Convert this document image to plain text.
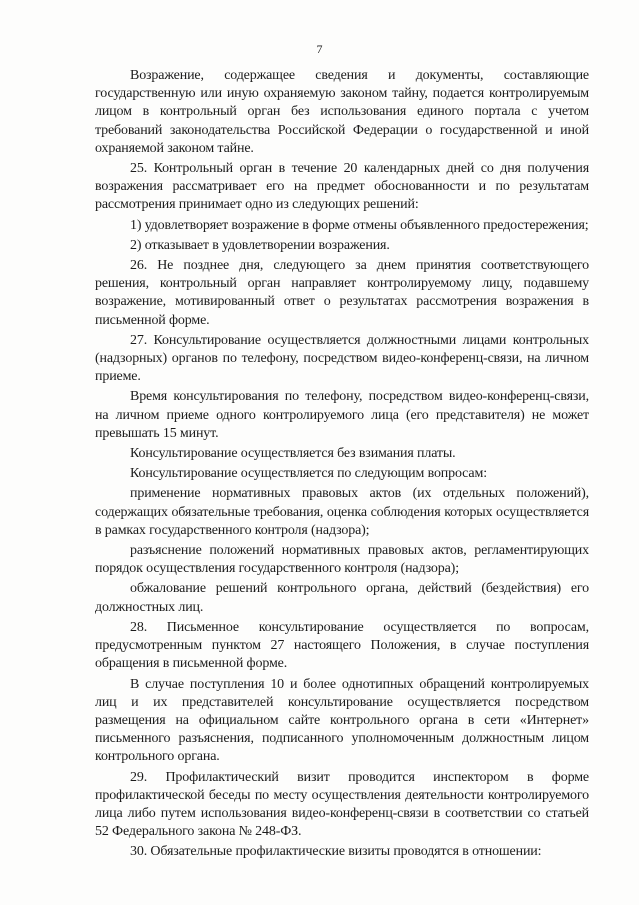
7

Возражение, содержащее сведения и документы, составляющие государственную или иную охраняемую законом тайну, подается контролируемым лицом в контрольный орган без использования единого портала с учетом требований законодательства Российской Федерации о государственной и иной охраняемой законом тайне.

25. Контрольный орган в течение 20 календарных дней со дня получения возражения рассматривает его на предмет обоснованности и по результатам рассмотрения принимает одно из следующих решений:

1) удовлетворяет возражение в форме отмены объявленного предостережения;

2) отказывает в удовлетворении возражения.

26. Не позднее дня, следующего за днем принятия соответствующего решения, контрольный орган направляет контролируемому лицу, подавшему возражение, мотивированный ответ о результатах рассмотрения возражения в письменной форме.

27. Консультирование осуществляется должностными лицами контрольных (надзорных) органов по телефону, посредством видео-конференц-связи, на личном приеме.

Время консультирования по телефону, посредством видео-конференц-связи, на личном приеме одного контролируемого лица (его представителя) не может превышать 15 минут.

Консультирование осуществляется без взимания платы.

Консультирование осуществляется по следующим вопросам:

применение нормативных правовых актов (их отдельных положений), содержащих обязательные требования, оценка соблюдения которых осуществляется в рамках государственного контроля (надзора);

разъяснение положений нормативных правовых актов, регламентирующих порядок осуществления государственного контроля (надзора);

обжалование решений контрольного органа, действий (бездействия) его должностных лиц.

28. Письменное консультирование осуществляется по вопросам, предусмотренным пунктом 27 настоящего Положения, в случае поступления обращения в письменной форме.

В случае поступления 10 и более однотипных обращений контролируемых лиц и их представителей консультирование осуществляется посредством размещения на официальном сайте контрольного органа в сети «Интернет» письменного разъяснения, подписанного уполномоченным должностным лицом контрольного органа.

29. Профилактический визит проводится инспектором в форме профилактической беседы по месту осуществления деятельности контролируемого лица либо путем использования видео-конференц-связи в соответствии со статьей 52 Федерального закона № 248-ФЗ.

30. Обязательные профилактические визиты проводятся в отношении:
